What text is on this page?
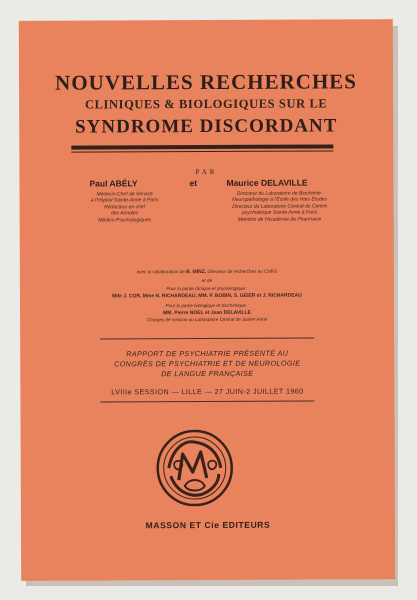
NOUVELLES RECHERCHES
CLINIQUES & BIOLOGIQUES SUR LE
SYNDROME DISCORDANT
PAR
Paul ABÉLY	et	Maurice DELAVILLE
Médecin-Chef de Service
à l'Hôpital Sainte-Anne à Paris
Rédacteur en chef
des Annales
Médico-Psychologiques
Directeur du Laboratoire de Biochimie-
Neuropathologie à l'École des Htes Études
Directeur du Laboratoire Central du Centre
psychiatrique Sainte-Anne à Paris
Membre de l'Académie de Pharmacie
avec la collaboration de B. MINZ, Directeur de recherches au CNRS
et de
Pour la partie clinique et physiologique :
Mlle J. COR, Mme N. RICHARDEAU, MM. P. BOBIN, S. GEIER et J. RICHARDEAU
Pour la partie biologique et biochimique :
MM. Pierre NOEL et Jean DELAVILLE
Chargés de mission au Laboratoire Central de Sainte-Anne
RAPPORT DE PSYCHIATRIE PRÉSENTÉ AU
CONGRÈS DE PSYCHIATRIE ET DE NEUROLOGIE
DE LANGUE FRANÇAISE
LVIIIe SESSION — LILLE — 27 JUIN-2 JUILLET 1960
MASSON ET Cie EDITEURS
